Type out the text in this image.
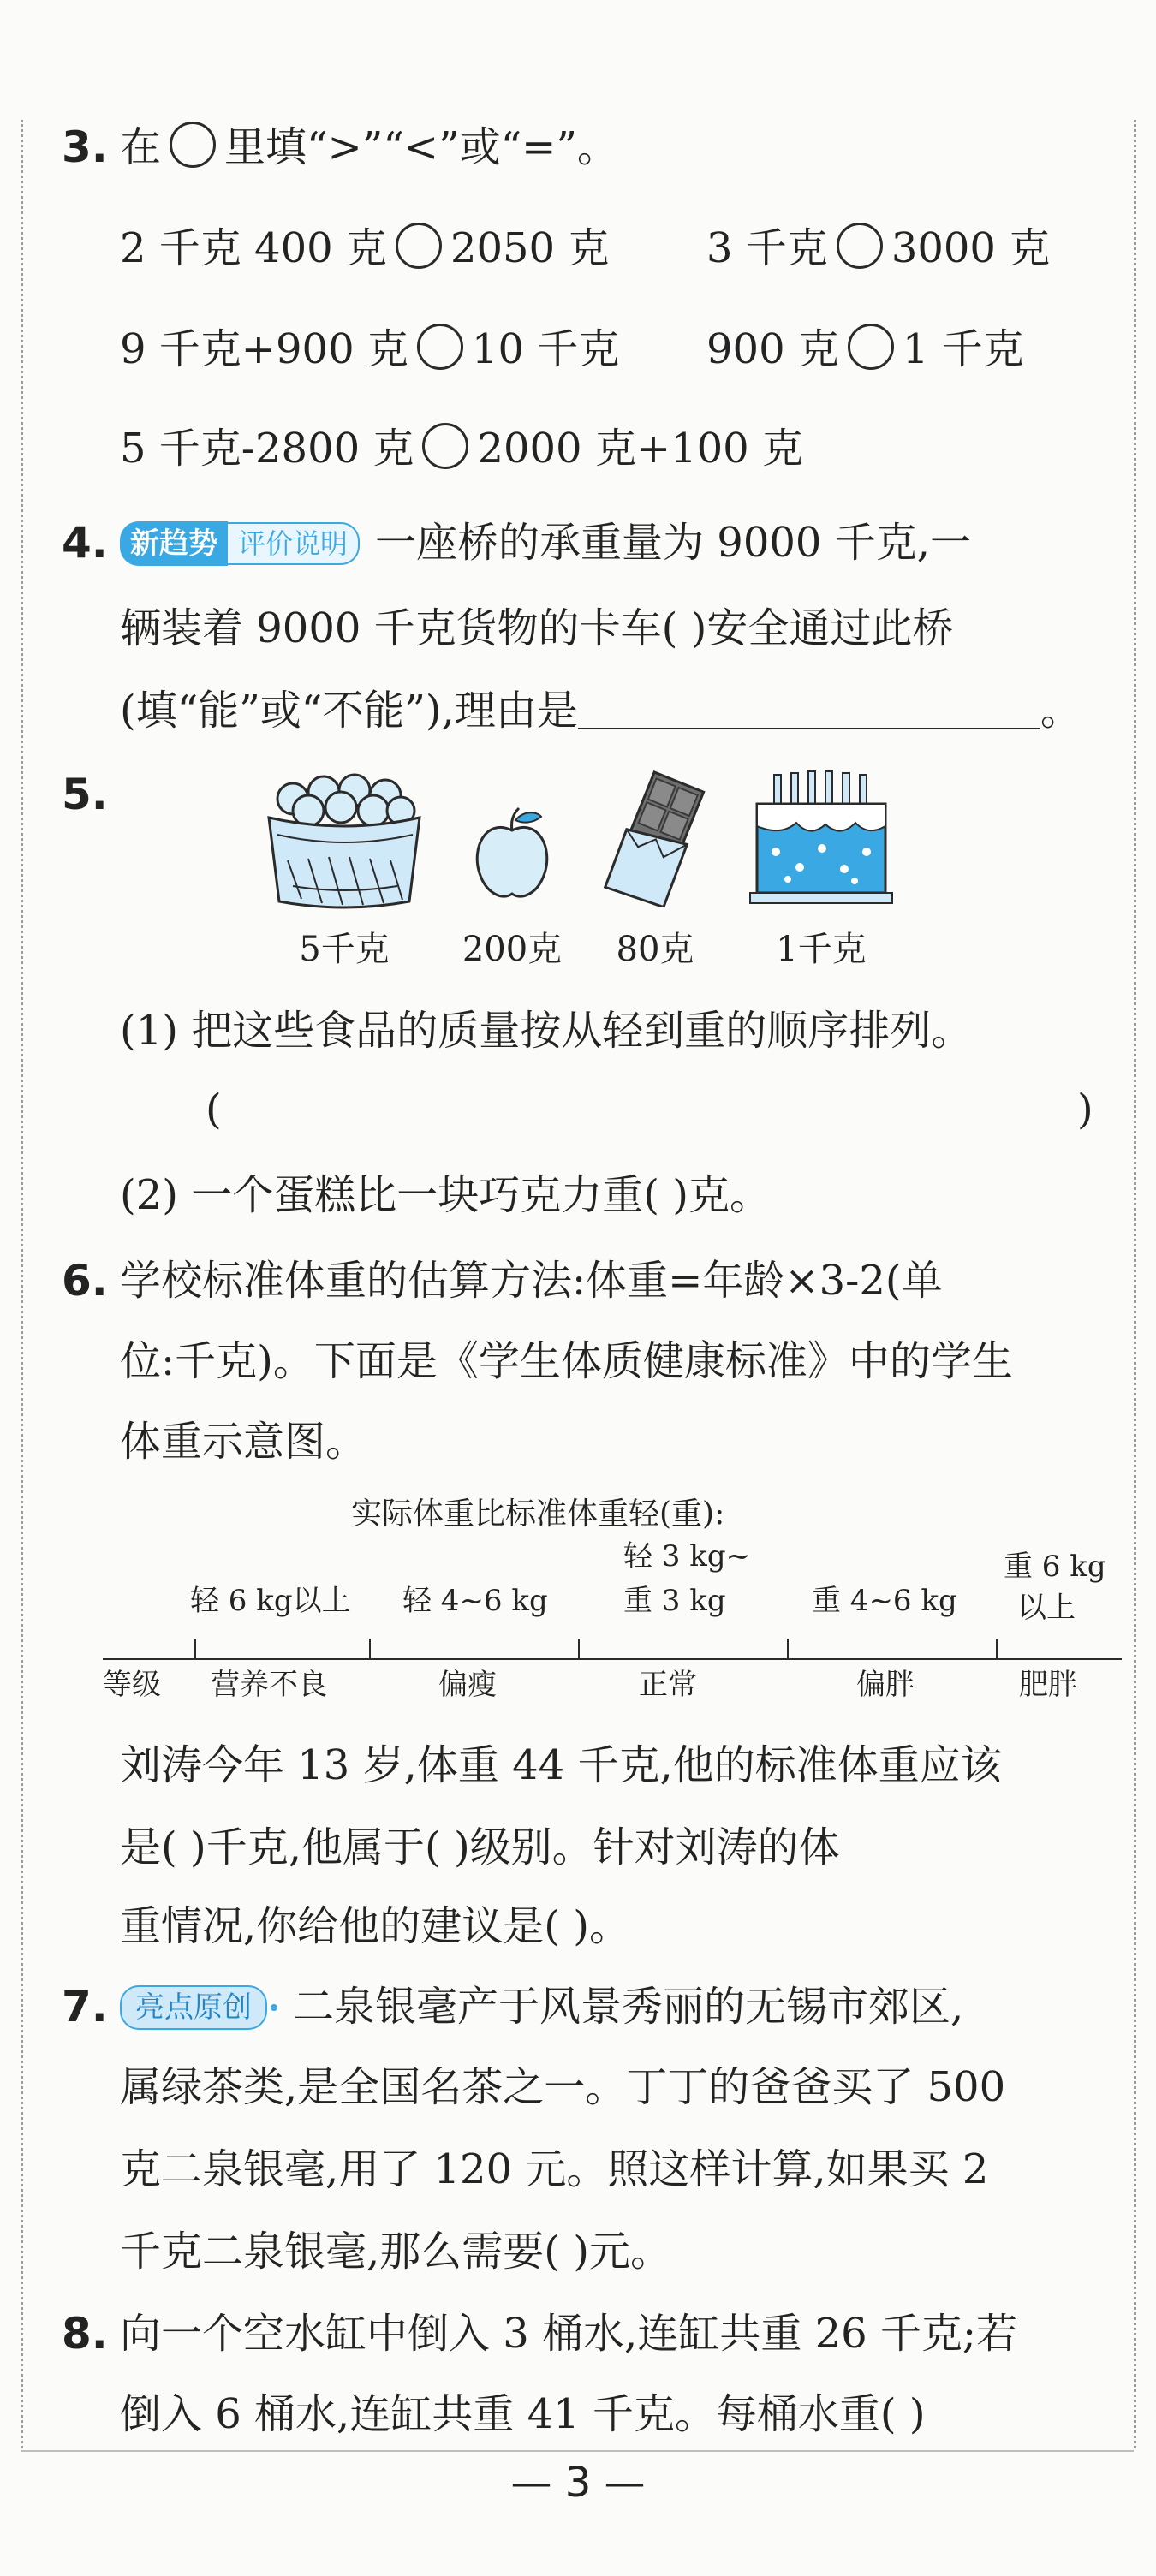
3. 在 里填“>”“<”或“=”。
2 千克 400 克 2050 克 3 千克 3000 克
9 千克+900 克 10 千克 900 克 1 千克
5 千克-2800 克 2000 克+100 克
4. 新趋势 评价说明 一座桥的承重量为 9000 千克,一
辆装着 9000 千克货物的卡车( )安全通过此桥
(填“能”或“不能”),理由是	。
5.
5千克	200克	80克	1千克
(1) 把这些食品的质量按从轻到重的顺序排列。
(	)
(2) 一个蛋糕比一块巧克力重( )克。
6. 学校标准体重的估算方法:体重=年龄×3-2(单
位:千克)。下面是《学生体质健康标准》中的学生
体重示意图。
实际体重比标准体重轻(重):
轻 6 kg以上 轻 4~6 kg
轻 3 kg~
重 3 kg	重 4~6 kg
重 6 kg
以上
等级 营养不良	偏瘦	正常	偏胖	肥胖
刘涛今年 13 岁,体重 44 千克,他的标准体重应该
是( )千克,他属于( )级别。针对刘涛的体
重情况,你给他的建议是( )。
7. 亮点原创	二泉银毫产于风景秀丽的无锡市郊区,
属绿茶类,是全国名茶之一。丁丁的爸爸买了 500
克二泉银毫,用了 120 元。照这样计算,如果买 2
千克二泉银毫,那么需要( )元。
8. 向一个空水缸中倒入 3 桶水,连缸共重 26 千克;若
倒入 6 桶水,连缸共重 41 千克。每桶水重( )
— 3 —
